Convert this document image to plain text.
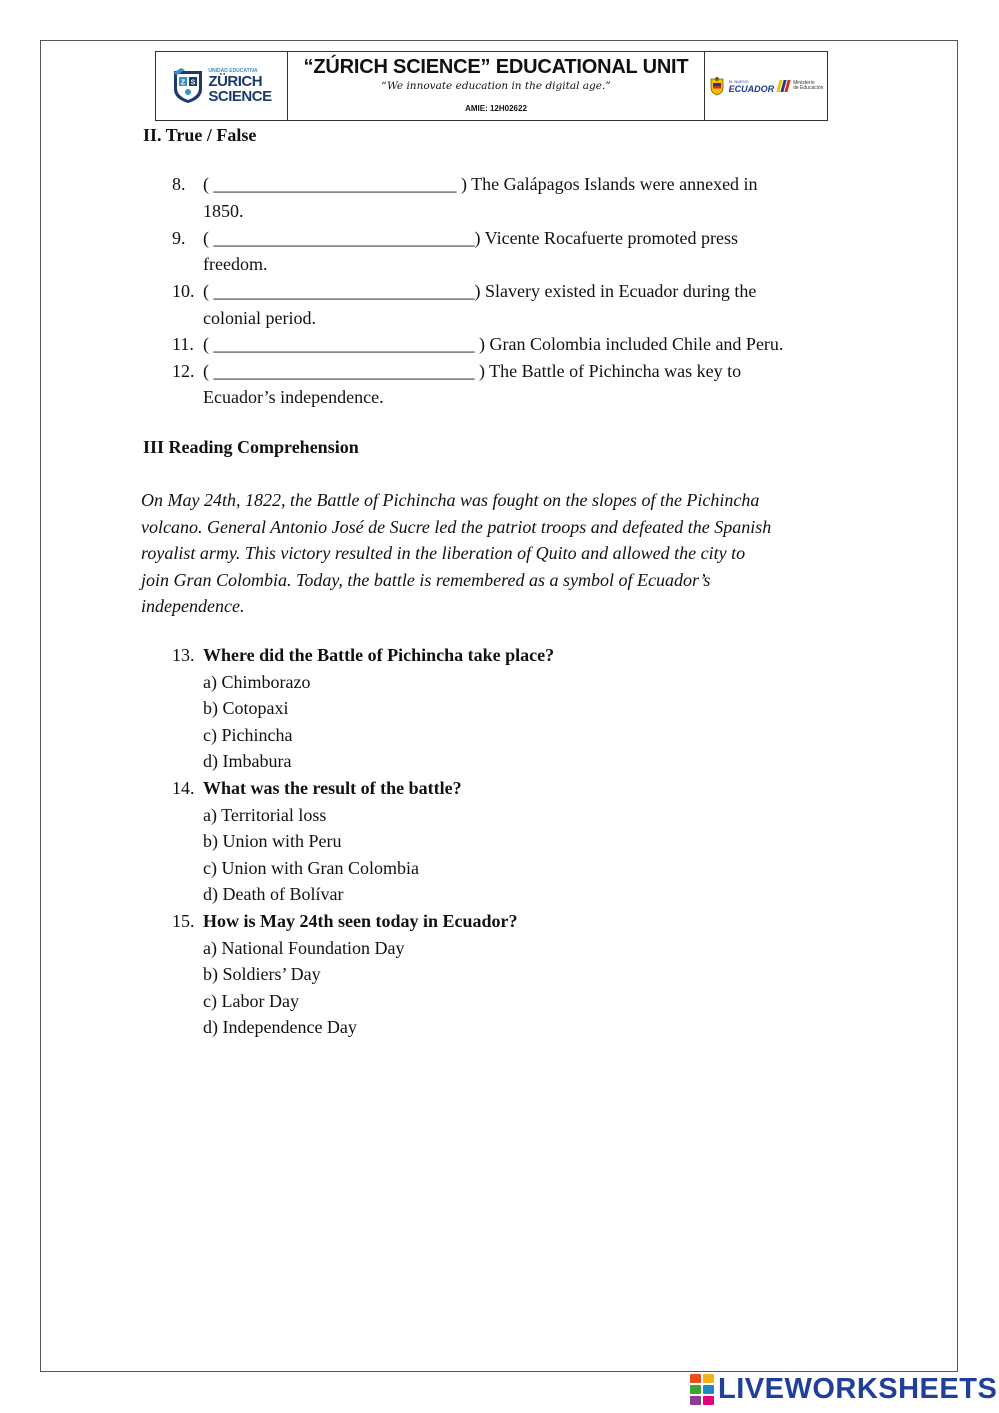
Z S
UNIDAD EDUCATIVA
ZÜRICH
SCIENCE
“ZÚRICH SCIENCE” EDUCATIONAL UNIT
“We innovate education in the digital age.”
AMIE: 12H02622
EL NUEVO
ECUADOR
Ministerio
de Educación
II. True / False
8. ( ___________________________ ) The Galápagos Islands were annexed in
1850.
9. ( _____________________________) Vicente Rocafuerte promoted press
freedom.
10. ( _____________________________) Slavery existed in Ecuador during the
colonial period.
11. ( _____________________________ ) Gran Colombia included Chile and Peru.
12. ( _____________________________ ) The Battle of Pichincha was key to
Ecuador’s independence.
III Reading Comprehension
On May 24th, 1822, the Battle of Pichincha was fought on the slopes of the Pichincha
volcano. General Antonio José de Sucre led the patriot troops and defeated the Spanish
royalist army. This victory resulted in the liberation of Quito and allowed the city to
join Gran Colombia. Today, the battle is remembered as a symbol of Ecuador’s
independence.
13. Where did the Battle of Pichincha take place?
a) Chimborazo
b) Cotopaxi
c) Pichincha
d) Imbabura
14. What was the result of the battle?
a) Territorial loss
b) Union with Peru
c) Union with Gran Colombia
d) Death of Bolívar
15. How is May 24th seen today in Ecuador?
a) National Foundation Day
b) Soldiers’ Day
c) Labor Day
d) Independence Day
LIVEWORKSHEETS
